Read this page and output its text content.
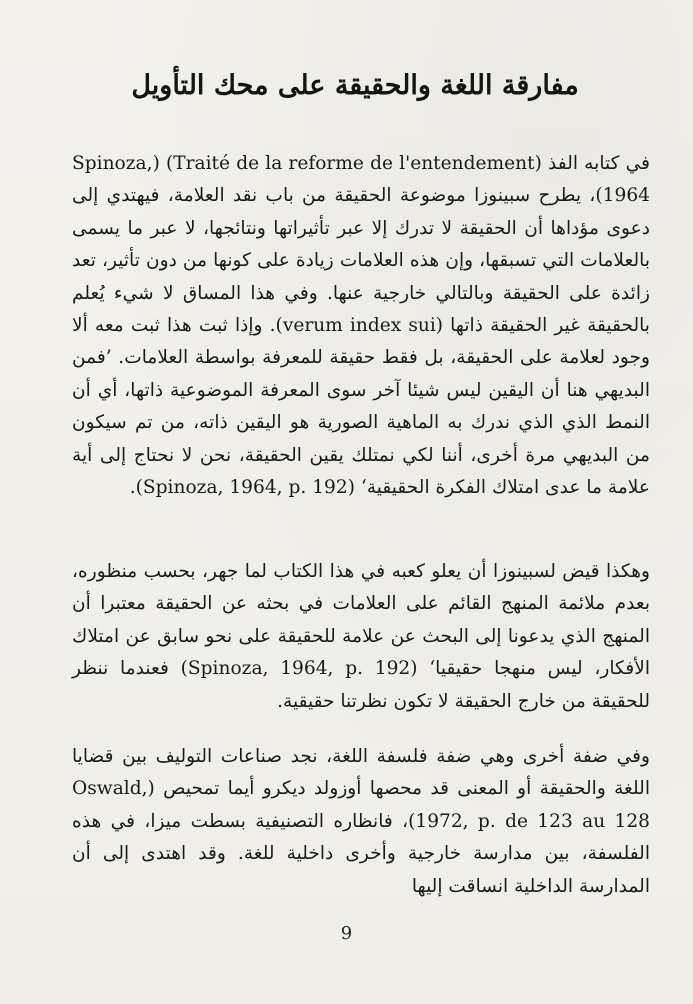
مفارقة اللغة والحقيقة على محك التأويل
في كتابه الفذ (Traité de la reforme de l'entendement) (Spinoza, 1964)، يطرح سبينوزا موضوعة الحقيقة من باب نقد العلامة، فيهتدي إلى دعوى مؤداها أن الحقيقة لا تدرك إلا عبر تأثيراتها ونتائجها، لا عبر ما يسمى بالعلامات التي تسبقها، وإن هذه العلامات زيادة على كونها من دون تأثير، تعد زائدة على الحقيقة وبالتالي خارجية عنها. وفي هذا المساق لا شيء يُعلم بالحقيقة غير الحقيقة ذاتها (verum index sui). وإذا ثبت هذا ثبت معه ألا وجود لعلامة على الحقيقة، بل فقط حقيقة للمعرفة بواسطة العلامات. ’فمن البديهي هنا أن اليقين ليس شيئا آخر سوى المعرفة الموضوعية ذاتها، أي أن النمط الذي الذي ندرك به الماهية الصورية هو اليقين ذاته، من تم سيكون من البديهي مرة أخرى، أننا لكي نمتلك يقين الحقيقة، نحن لا نحتاج إلى أية علامة ما عدى امتلاك الفكرة الحقيقية‘ (Spinoza, 1964, p. 192).
وهكذا قيض لسبينوزا أن يعلو كعبه في هذا الكتاب لما جهر، بحسب منظوره، بعدم ملائمة المنهج القائم على العلامات في بحثه عن الحقيقة معتبرا أن المنهج الذي يدعونا إلى البحث عن علامة للحقيقة على نحو سابق عن امتلاك الأفكار، ليس منهجا حقيقيا‘ (Spinoza, 1964, p. 192) فعندما ننظر للحقيقة من خارج الحقيقة لا تكون نظرتنا حقيقية.
وفي ضفة أخرى وهي ضفة فلسفة اللغة، نجد صناعات التوليف بين قضايا اللغة والحقيقة أو المعنى قد محصها أوزولد ديكرو أيما تمحيص (Oswald, 1972, p. de 123 au 128)، فانظاره التصنيفية بسطت ميزا، في هذه الفلسفة، بين مدارسة خارجية وأخرى داخلية للغة. وقد اهتدى إلى أن المدارسة الداخلية انساقت إليها
9
